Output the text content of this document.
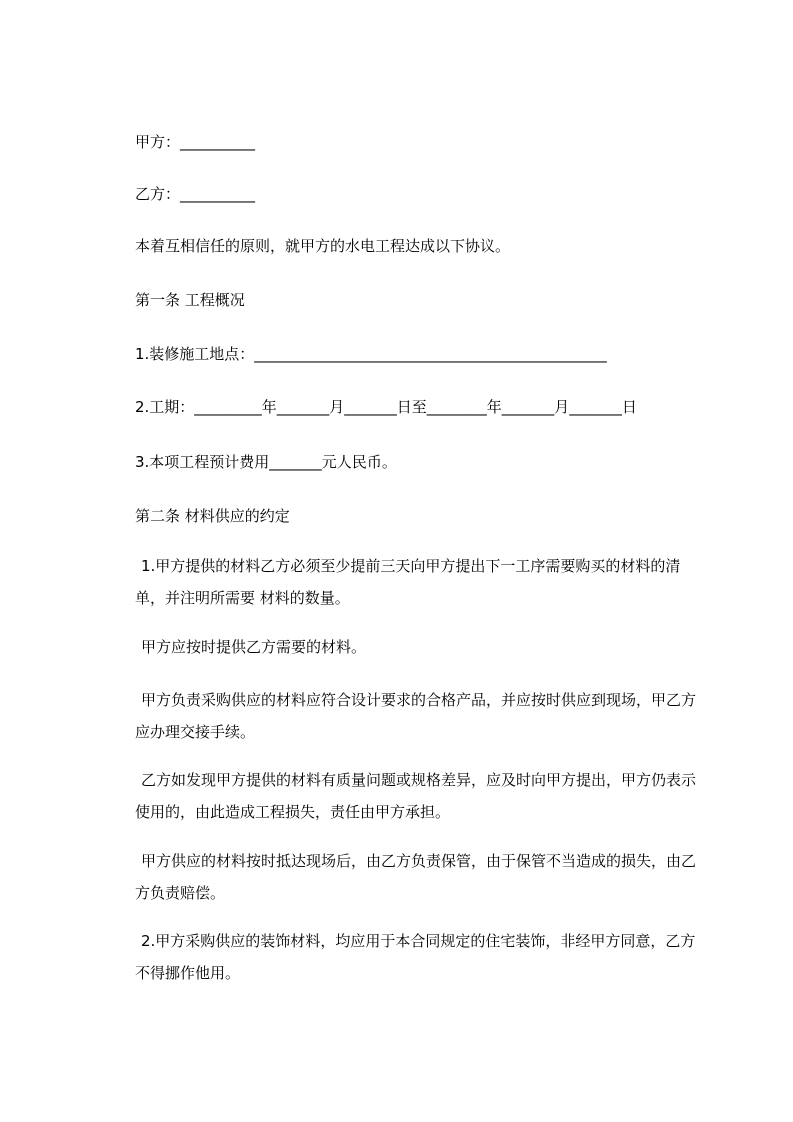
甲方：__________
乙方：__________
本着互相信任的原则，就甲方的水电工程达成以下协议。
第一条 工程概况
1.装修施工地点：_______________________________________________
2.工期：_________年_______月_______日至________年_______月_______日
3.本项工程预计费用_______元人民币。
第二条 材料供应的约定
1.甲方提供的材料乙方必须至少提前三天向甲方提出下一工序需要购买的材料的清单，并注明所需要 材料的数量。
甲方应按时提供乙方需要的材料。
甲方负责采购供应的材料应符合设计要求的合格产品，并应按时供应到现场，甲乙方应办理交接手续。
乙方如发现甲方提供的材料有质量问题或规格差异，应及时向甲方提出，甲方仍表示使用的，由此造成工程损失，责任由甲方承担。
甲方供应的材料按时抵达现场后，由乙方负责保管，由于保管不当造成的损失，由乙方负责赔偿。
2.甲方采购供应的装饰材料，均应用于本合同规定的住宅装饰，非经甲方同意，乙方不得挪作他用。
